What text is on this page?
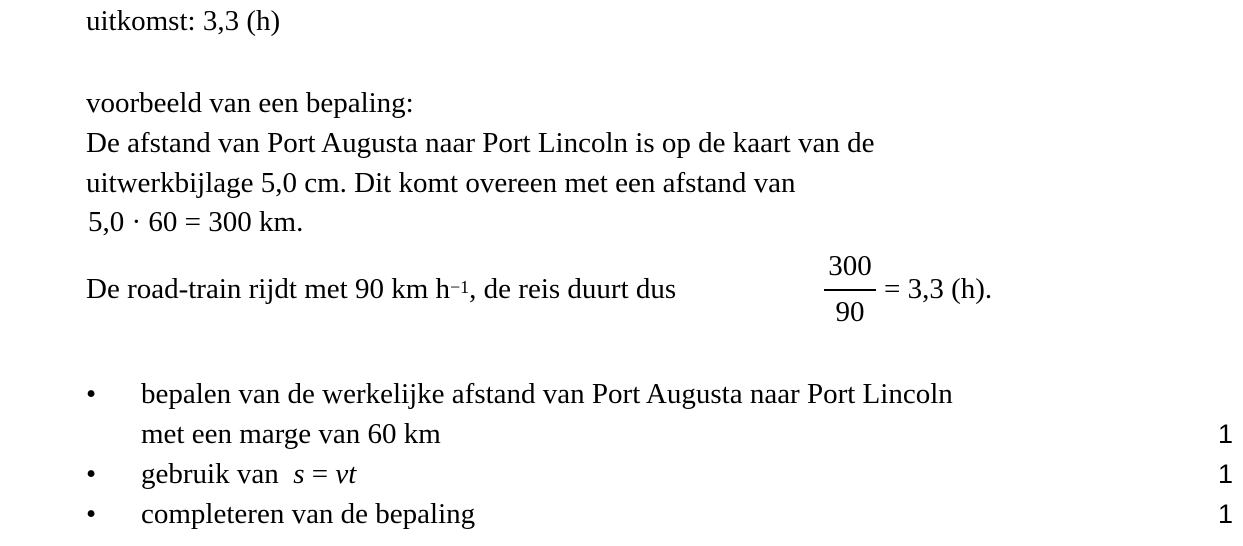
uitkomst: 3,3 (h)
voorbeeld van een bepaling:
De afstand van Port Augusta naar Port Lincoln is op de kaart van de
uitwerkbijlage 5,0 cm. Dit komt overeen met een afstand van
5,0 · 60 = 300 km.
De road-train rijdt met 90 km $h^{-1}$, de reis duurt dus
300
90
= 3,3 (h).
• bepalen van de werkelijke afstand van Port Augusta naar Port Lincoln
met een marge van 60 km	1
• gebruik van s = vt	1
• completeren van de bepaling	1
